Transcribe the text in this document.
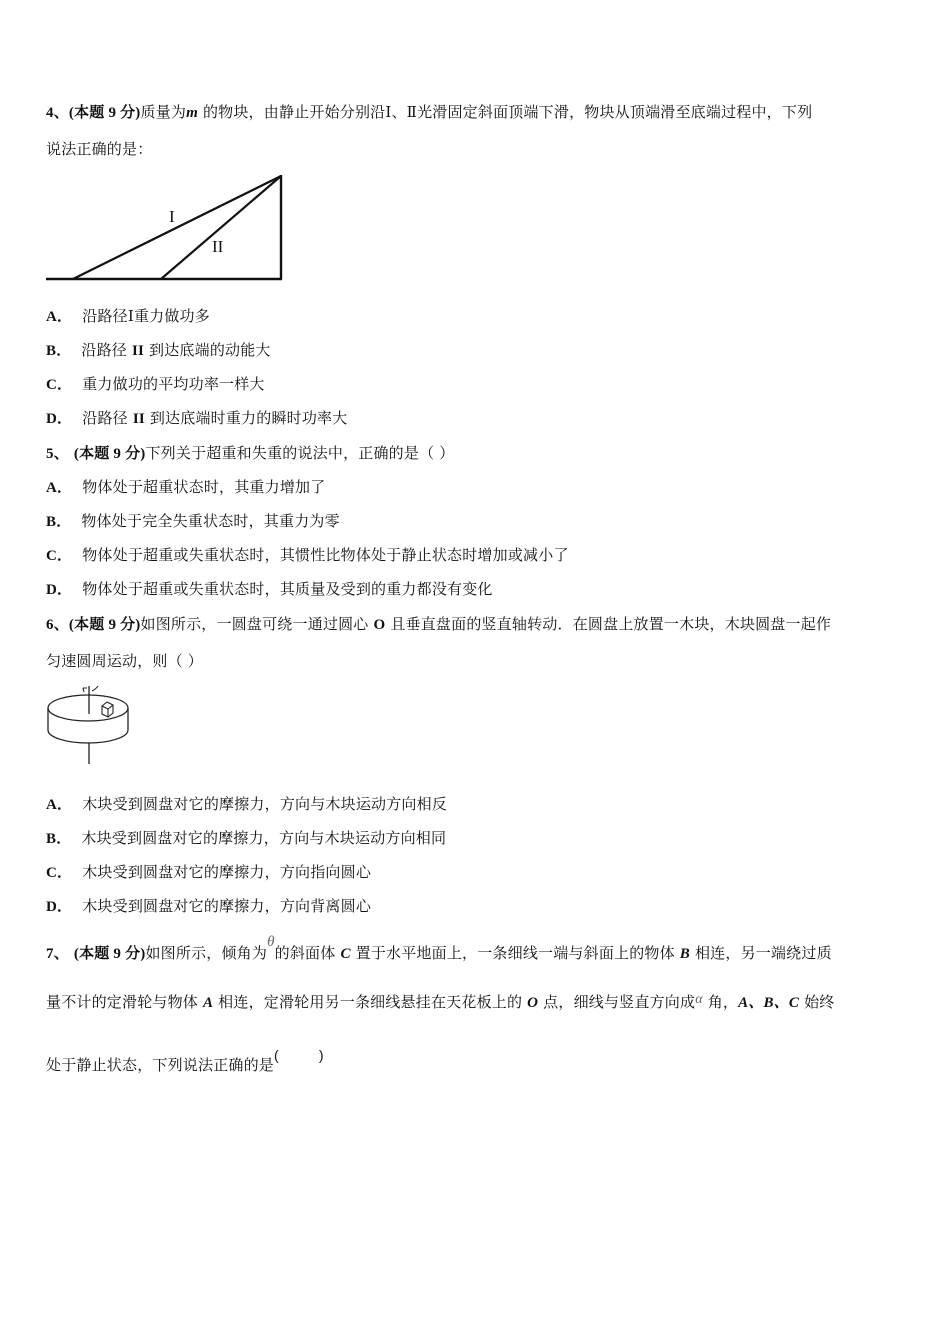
4、(本题 9 分)质量为m 的物块，由静止开始分别沿Ⅰ、Ⅱ光滑固定斜面顶端下滑，物块从顶端滑至底端过程中，下列
说法正确的是：
I
II
A． 沿路径Ⅰ重力做功多
B． 沿路径 II 到达底端的动能大
C． 重力做功的平均功率一样大
D． 沿路径 II 到达底端时重力的瞬时功率大
5、 (本题 9 分)下列关于超重和失重的说法中，正确的是（ ）
A． 物体处于超重状态时，其重力增加了
B． 物体处于完全失重状态时，其重力为零
C． 物体处于超重或失重状态时，其惯性比物体处于静止状态时增加或减小了
D． 物体处于超重或失重状态时，其质量及受到的重力都没有变化
6、(本题 9 分)如图所示，一圆盘可绕一通过圆心 O 且垂直盘面的竖直轴转动．在圆盘上放置一木块，木块圆盘一起作
匀速圆周运动，则（ ）
A． 木块受到圆盘对它的摩擦力，方向与木块运动方向相反
B． 木块受到圆盘对它的摩擦力，方向与木块运动方向相同
C． 木块受到圆盘对它的摩擦力，方向指向圆心
D． 木块受到圆盘对它的摩擦力，方向背离圆心
7、 (本题 9 分)如图所示，倾角为θ的斜面体 C 置于水平地面上，一条细线一端与斜面上的物体 B 相连，另一端绕过质
量不计的定滑轮与物体 A 相连，定滑轮用另一条细线悬挂在天花板上的 O 点，细线与竖直方向成α 角，A、B、C 始终
处于静止状态，下列说法正确的是(	)
